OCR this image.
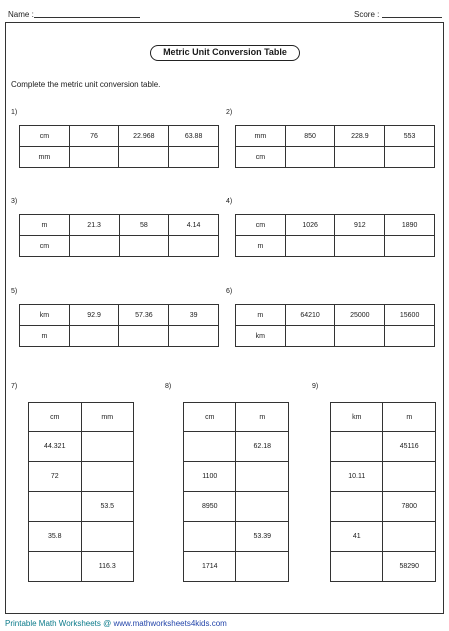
Name :	Score :
Metric Unit Conversion Table
Complete the metric unit conversion table.
1)
cm	76	22.968	63.88
mm			
2)
mm	850	228.9	553
cm			
3)
m	21.3	58	4.14
cm			
4)
cm	1026	912	1890
m			
5)
km	92.9	57.36	39
m			
6)
m	64210	25000	15600
km			
7)
cm	mm
44.321	
72	
	53.5
35.8	
	116.3
8)
cm	m
	62.18
1100	
8950	
	53.39
1714	
9)
km	m
	45116
10.11	
	7800
41	
	58290
Printable Math Worksheets @ www.mathworksheets4kids.com
